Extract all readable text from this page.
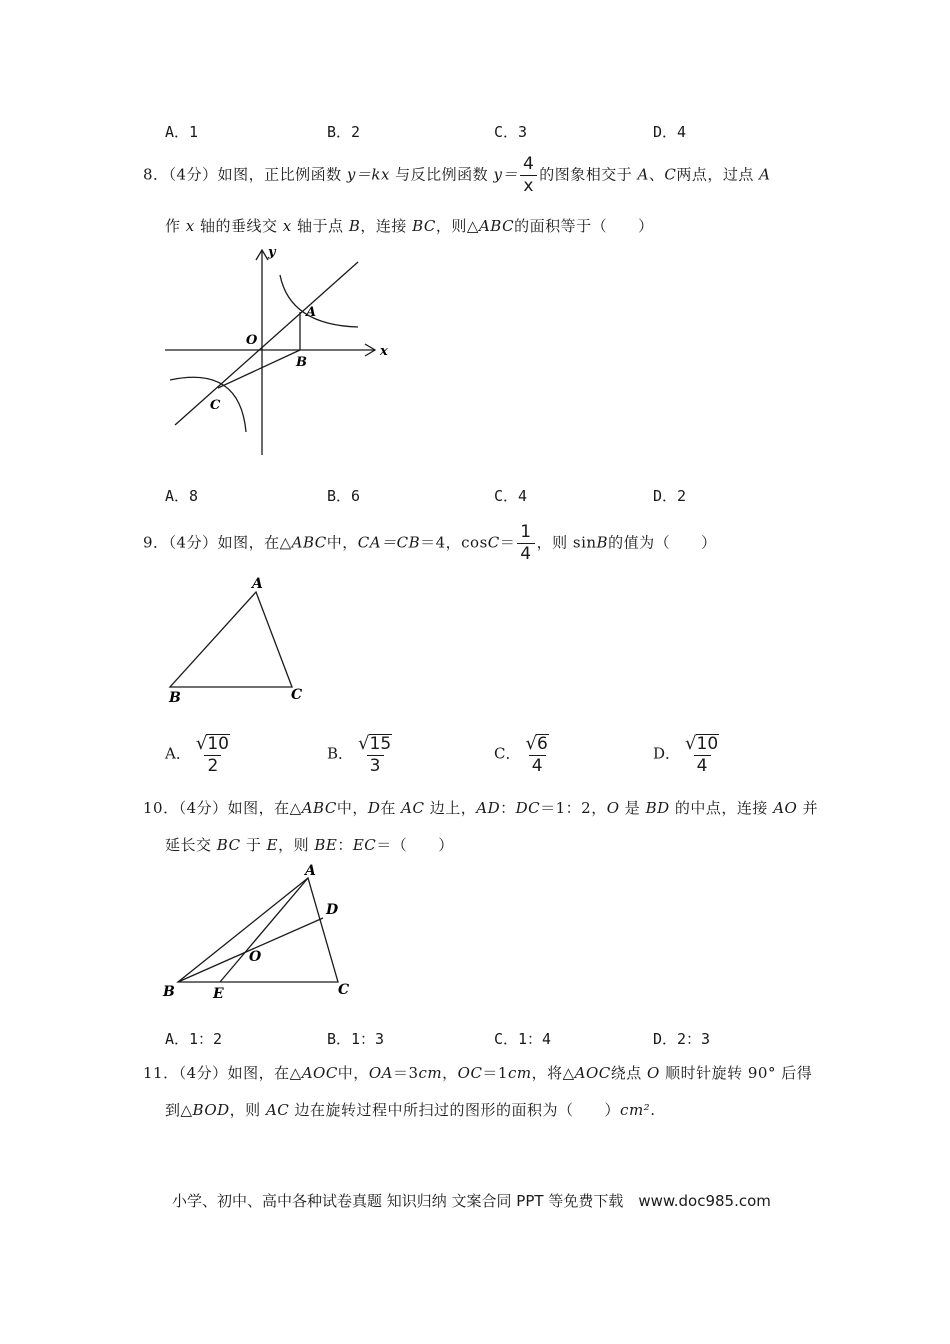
A．1	B．2	C．3	D．4
8．（4分）如图，正比例函数 y＝kx 与反比例函数 $y= \frac{4}{x}$ 的图象相交于 A、C两点，过点 A
作 x 轴的垂线交 x 轴于点 B，连接 BC，则△ABC的面积等于（　　）
y
A
O
B
x
C
A．8	B．6	C．4	D．2
9．（4分）如图，在△ABC中，CA＝CB＝4，$\cos C= \frac{1}{4}$ ，则 sinB的值为（　　）
A
B	C
A． $\frac{√ 10}{2}$	B． $\frac{√ 15}{3}$	C． $\frac{√ 6}{4}$	D． $\frac{√ 10}{4}$
10．（4分）如图，在△ABC中，D在 AC 边上，AD：DC＝1：2，O 是 BD 的中点，连接 AO 并
延长交 BC 于 E，则 BE：EC＝（　　）
A
D
O
B	E	C
A．1：2	B．1：3	C．1：4	D．2：3
11．（4分）如图，在△AOC中，OA＝3cm，OC＝1cm，将△AOC绕点 O 顺时针旋转 90° 后得
到△BOD，则 AC 边在旋转过程中所扫过的图形的面积为（　　）cm².
小学、初中、高中各种试卷真题 知识归纳 文案合同 PPT 等免费下载　www.doc985.com
